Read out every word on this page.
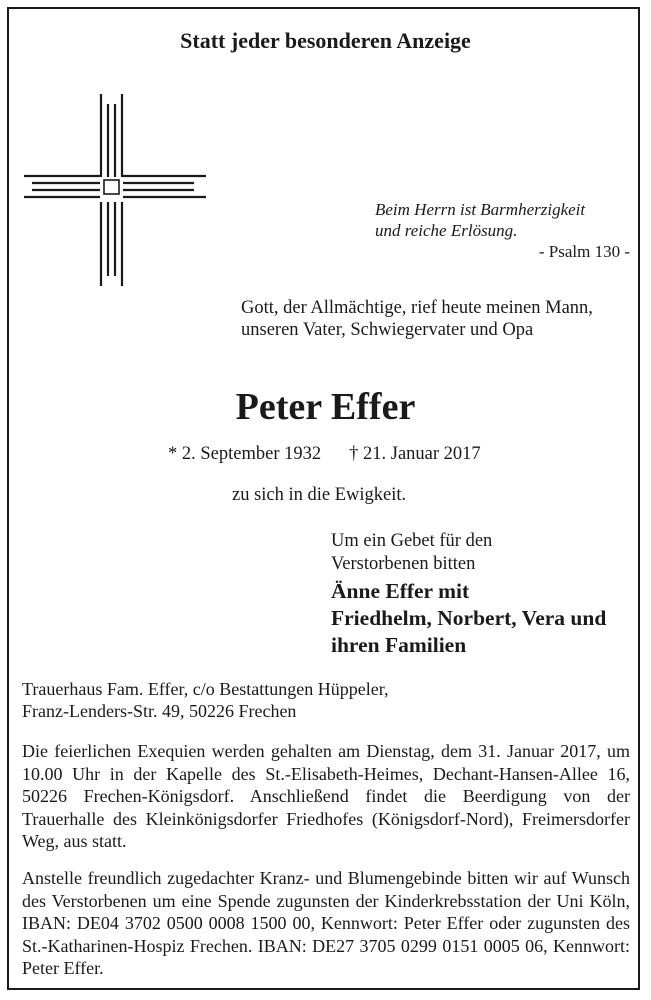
Statt jeder besonderen Anzeige
Beim Herrn ist Barmherzigkeit
und reiche Erlösung.
- Psalm 130 -
Gott, der Allmächtige, rief heute meinen Mann,
unseren Vater, Schwiegervater und Opa
Peter Effer
* 2. September 1932 † 21. Januar 2017
zu sich in die Ewigkeit.
Um ein Gebet für den
Verstorbenen bitten
Änne Effer mit
Friedhelm, Norbert, Vera und
ihren Familien
Trauerhaus Fam. Effer, c/o Bestattungen Hüppeler,
Franz-Lenders-Str. 49, 50226 Frechen

Die feierlichen Exequien werden gehalten am Dienstag, dem 31. Januar 2017, um 10.00 Uhr in der Kapelle des St.-Elisabeth-Heimes, Dechant-Hansen-Allee 16, 50226 Frechen-Königsdorf. Anschließend findet die Beerdigung von der Trauerhalle des Kleinkönigsdorfer Friedhofes (Königsdorf-Nord), Freimersdorfer Weg, aus statt.

Anstelle freundlich zugedachter Kranz- und Blumengebinde bitten wir auf Wunsch des Verstorbenen um eine Spende zugunsten der Kinderkrebsstation der Uni Köln, IBAN: DE04 3702 0500 0008 1500 00, Kennwort: Peter Effer oder zugunsten des St.-Katharinen-Hospiz Frechen. IBAN: DE27 3705 0299 0151 0005 06, Kennwort: Peter Effer.
